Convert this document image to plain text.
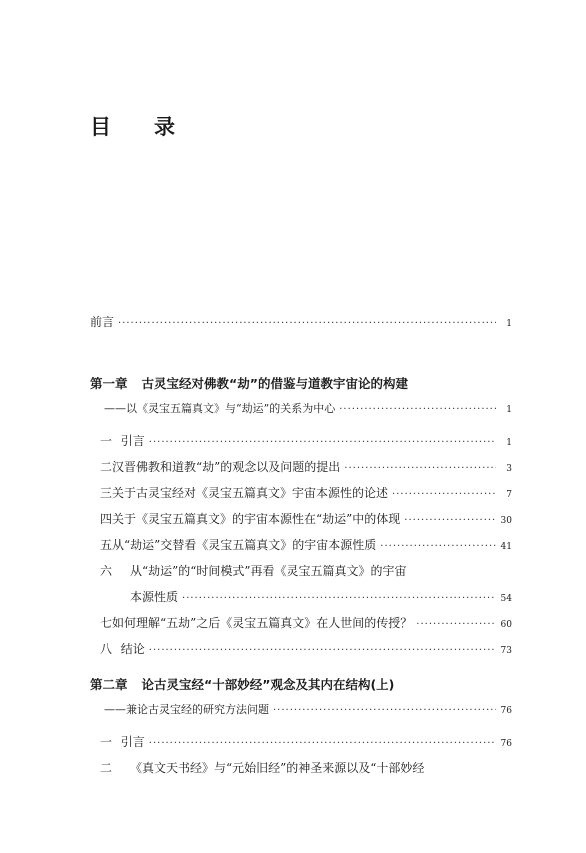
目　录
前言 ·····	1
第一章 古灵宝经对佛教“劫”的借鉴与道教宇宙论的构建
——以《灵宝五篇真文》与“劫运”的关系为中心 ·····	1
一 引言 ·····	1
二 汉晋佛教和道教“劫”的观念以及问题的提出 ·····	3
三 关于古灵宝经对《灵宝五篇真文》宇宙本源性的论述 ·····	7
四 关于《灵宝五篇真文》的宇宙本源性在“劫运”中的体现 ·····	30
五 从“劫运”交替看《灵宝五篇真文》的宇宙本源性质 ·····	41
六	从“劫运”的“时间模式”再看《灵宝五篇真文》的宇宙
本源性质 ·····	54
七 如何理解“五劫”之后《灵宝五篇真文》在人世间的传授？ ·····	60
八 结论 ·····	73
第二章 论古灵宝经“十部妙经”观念及其内在结构(上)
——兼论古灵宝经的研究方法问题 ·····	76
一 引言 ·····	76
二	《真文天书经》与“元始旧经”的神圣来源以及“十部妙经
